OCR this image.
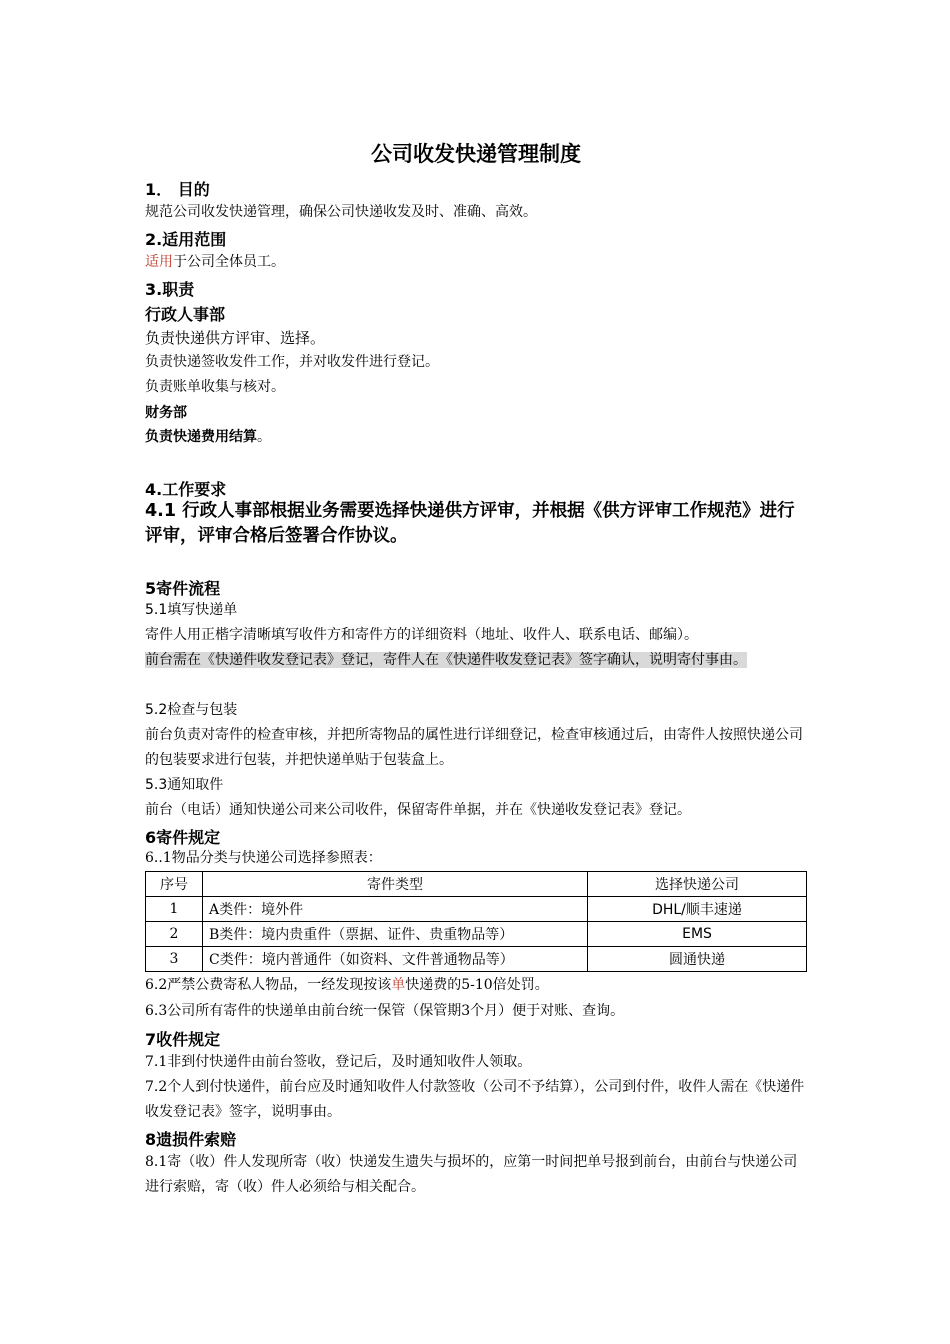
公司收发快递管理制度
1． 目的
规范公司收发快递管理，确保公司快递收发及时、准确、高效。
2.适用范围
适用于公司全体员工。
3.职责
行政人事部
负责快递供方评审、选择。
负责快递签收发件工作，并对收发件进行登记。
负责账单收集与核对。
财务部
负责快递费用结算。
4.工作要求
4.1 行政人事部根据业务需要选择快递供方评审，并根据《供方评审工作规范》进行评审，评审合格后签署合作协议。
5寄件流程
5.1填写快递单
寄件人用正楷字清晰填写收件方和寄件方的详细资料（地址、收件人、联系电话、邮编）。
前台需在《快递件收发登记表》登记，寄件人在《快递件收发登记表》签字确认，说明寄付事由。
5.2检查与包装
前台负责对寄件的检查审核，并把所寄物品的属性进行详细登记，检查审核通过后，由寄件人按照快递公司的包装要求进行包装，并把快递单贴于包装盒上。
5.3通知取件
前台（电话）通知快递公司来公司收件，保留寄件单据，并在《快递收发登记表》登记。
6寄件规定
6..1物品分类与快递公司选择参照表：
序号	寄件类型	选择快递公司
1	A类件：境外件	DHL/顺丰速递
2	B类件：境内贵重件（票据、证件、贵重物品等）	EMS
3	C类件：境内普通件（如资料、文件普通物品等）	圆通快递
6.2严禁公费寄私人物品，一经发现按该单快递费的5-10倍处罚。
6.3公司所有寄件的快递单由前台统一保管（保管期3个月）便于对账、查询。
7收件规定
7.1非到付快递件由前台签收，登记后，及时通知收件人领取。
7.2个人到付快递件，前台应及时通知收件人付款签收（公司不予结算），公司到付件，收件人需在《快递件收发登记表》签字，说明事由。
8遗损件索赔
8.1寄（收）件人发现所寄（收）快递发生遗失与损坏的，应第一时间把单号报到前台，由前台与快递公司进行索赔，寄（收）件人必须给与相关配合。
